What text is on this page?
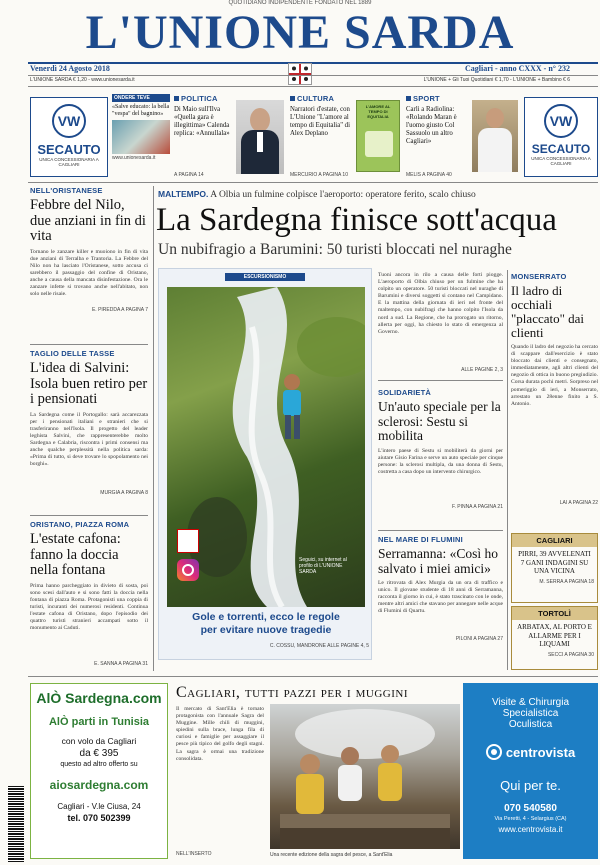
QUOTIDIANO INDIPENDENTE FONDATO NEL 1889
L'UNIONE SARDA
Venerdì 24 Agosto 2018	Cagliari - anno CXXX - n° 232
L'UNIONE SARDA € 1,20 - www.unionesarda.it	L'UNIONE + Gli Tuoi Quotidiani € 1,70 - L'UNIONE + Bambino € 6
VW
SECAUTO
UNICA CONCESSIONARIA A CAGLIARI
VW
SECAUTO
UNICA CONCESSIONARIA A CAGLIARI
ONDERE TEVE
«Salve educato: la bella "vespa" del bagnino»
www.unionesarda.it
POLITICA
Di Maio sull'Ilva «Quella gara è illegittima» Calenda replica: «Annullala»
A PAGINA 14
CULTURA
Narratori d'estate, con L'Unione "L'amore al tempo di Equitalia" di Alex Deplano
MERCURIO A PAGINA 10
L'AMORE AL TEMPO DI EQUITALIA
SPORT
Carli a Radiolina: «Rolando Maran è l'uomo giusto Col Sassuolo un altro Cagliari»
MELIS A PAGINA 40
NELL'ORISTANESE
Febbre del Nilo, due anziani in fin di vita
Tornano le zanzare killer e muoiono in fin di vita due anziani di Terralba e Trantorìa. La Febbre del Nilo non ha lasciato l'Oristanese, sotto accusa ci sarebbero il passaggio del confine di Oristano, anche a causa della mancata disinfestazione. Ora le zanzare infette si trovano anche nell'abitato, non solo nelle risaie.
E. PIREDDA A PAGINA 7
TAGLIO DELLE TASSE
L'idea di Salvini: Isola buen retiro per i pensionati
La Sardegna come il Portogallo: sarà accarezzata per i pensionati italiani e stranieri che si trasferiranno nell'Isola. Il progetto del leader leghista Salvini, che rappresenterebbe molto Sardegna e Calabria, riscontra i primi consensi ma anche qualche perplessità nella politica sarda: «Prima di tutto, si deve trovare lo spopolamento nei borghi».
MURGIA A PAGINA 8
ORISTANO, PIAZZA ROMA
L'estate cafona: fanno la doccia nella fontana
Prima hanno parcheggiato in divieto di sosta, poi sono scesi dall'auto e si sono fatti la doccia nella fontana di piazza Roma. Protagonisti una coppia di turisti, incuranti dei numerosi residenti. Continua l'estate cafona di Oristano, dopo l'episodio dei quattro turisti stranieri accampati sotto il monumento ai Caduti.
E. SANNA A PAGINA 31
MALTEMPO. A Olbia un fulmine colpisce l'aeroporto: operatore ferito, scalo chiuso
La Sardegna finisce sott'acqua
Un nubifragio a Barumini: 50 turisti bloccati nel nuraghe
ESCURSIONISMO
Seguici, su internet al profilo di L'UNIONE SARDA
Gole e torrenti, ecco le regole
per evitare nuove tragedie
C. COSSU, MANDRONE ALLE PAGINE 4, 5
Tuoni ancora in rilo a causa delle forti piogge. L'aeroporto di Olbia chiuso per un fulmine che ha colpito un operatore. 50 turisti bloccati nel nuraghe di Barumini e diversi soggetti si contano nel Campidano. E la mattina della giornata di ieri nel fronte del maltempo, con nubifragi che hanno colpito l'Isola da nord a sud. La Regione, che ha prorogato un ritorno, allerta per oggi, ha chiesto lo stato di emergenza al Governo.
ALLE PAGINE 2, 3
SOLIDARIETÀ
Un'auto speciale per la sclerosi: Sestu si mobilita
L'intero paese di Sestu si mobiliterà da giorni per aiutare Gisio Farina e serve un auto speciale per cinque persone: la sclerosi multipla, da una donna di Sestu, costretta a casa dopo un intervento chirurgico.
F. PINNA A PAGINA 21
NEL MARE DI FLUMINI
Serramanna: «Così ho salvato i miei amici»
Le ritrovata di Alex Murgia da un ora di traffico e unico. Il giovane studente di 18 anni di Serramanna, racconta il giorno in cui, è stato trascinato con le onde, mentre altri amici che stavano per annegare nelle acque di Flumini di Quartu.
PILONI A PAGINA 27
MONSERRATO
Il ladro di occhiali "placcato" dai clienti
Quando il ladro del negozio ha cercato di scappare dall'esercizio è stato bloccato dai clienti e consegnato, immediatamente, agli altri clienti del negozio di ottica in buono pregiudizio. Corsa durata pochi metri. Sorpreso nel pomeriggio di ieri, a Monserrato, arrestato un 28enne finito a S. Antonio.
LAI A PAGINA 22
CAGLIARI
PIRRI, 39 AVVELENATI 7 GANI INDAGINI SU UNA VICINA
M. SERRA A PAGINA 18
TORTOLÌ
ARBATAX, AL PORTO E ALLARME PER I LIQUAMI
SECCI A PAGINA 30
AlÒ Sardegna.com
AlÒ parti in Tunisia
con volo da Cagliari
da € 395
questo ad altro offerto su
aiosardegna.com
Cagliari - V.le Ciusa, 24
tel. 070 502399
Cagliari, tutti pazzi per i muggini
Il mercato di Sant'Elia è tornato protagonista con l'annuale Sagra del Muggine. Mille chili di muggini, spiedini sulla brace, lunga fila di curiosi e famiglie per assaggiare il pesce più tipico del golfo degli stagni. La sagra è ormai una tradizione consolidata.
NELL'INSERTO	Una recente edizione della sagra del pesce, a Sant'Elia
Visite & Chirurgia
Specialistica
Oculistica
centrovista
Qui per te.
070 540580
Via Peretti, 4 - Selargius (CA)
www.centrovista.it
